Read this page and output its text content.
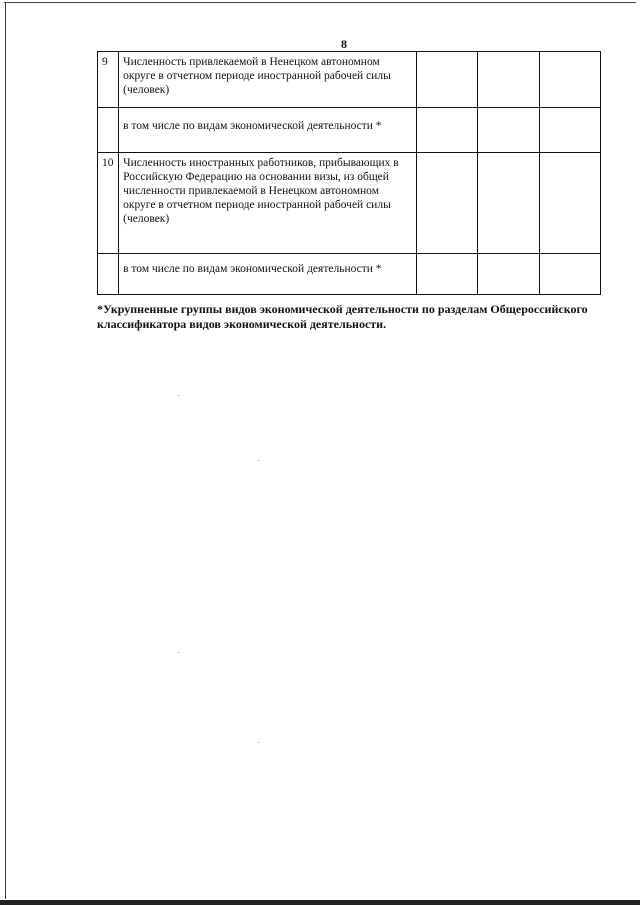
8
9	Численность привлекаемой в Ненецком автономном округе в отчетном периоде иностранной рабочей силы (человек)			
	в том числе по видам экономической деятельности *			
10	Численность иностранных работников, прибывающих в Российскую Федерацию на основании визы, из общей численности привлекаемой в Ненецком автономном округе в отчетном периоде иностранной рабочей силы (человек)			
	в том числе по видам экономической деятельности *			
*Укрупненные группы видов экономической деятельности по разделам Общероссийского классификатора видов экономической деятельности.
